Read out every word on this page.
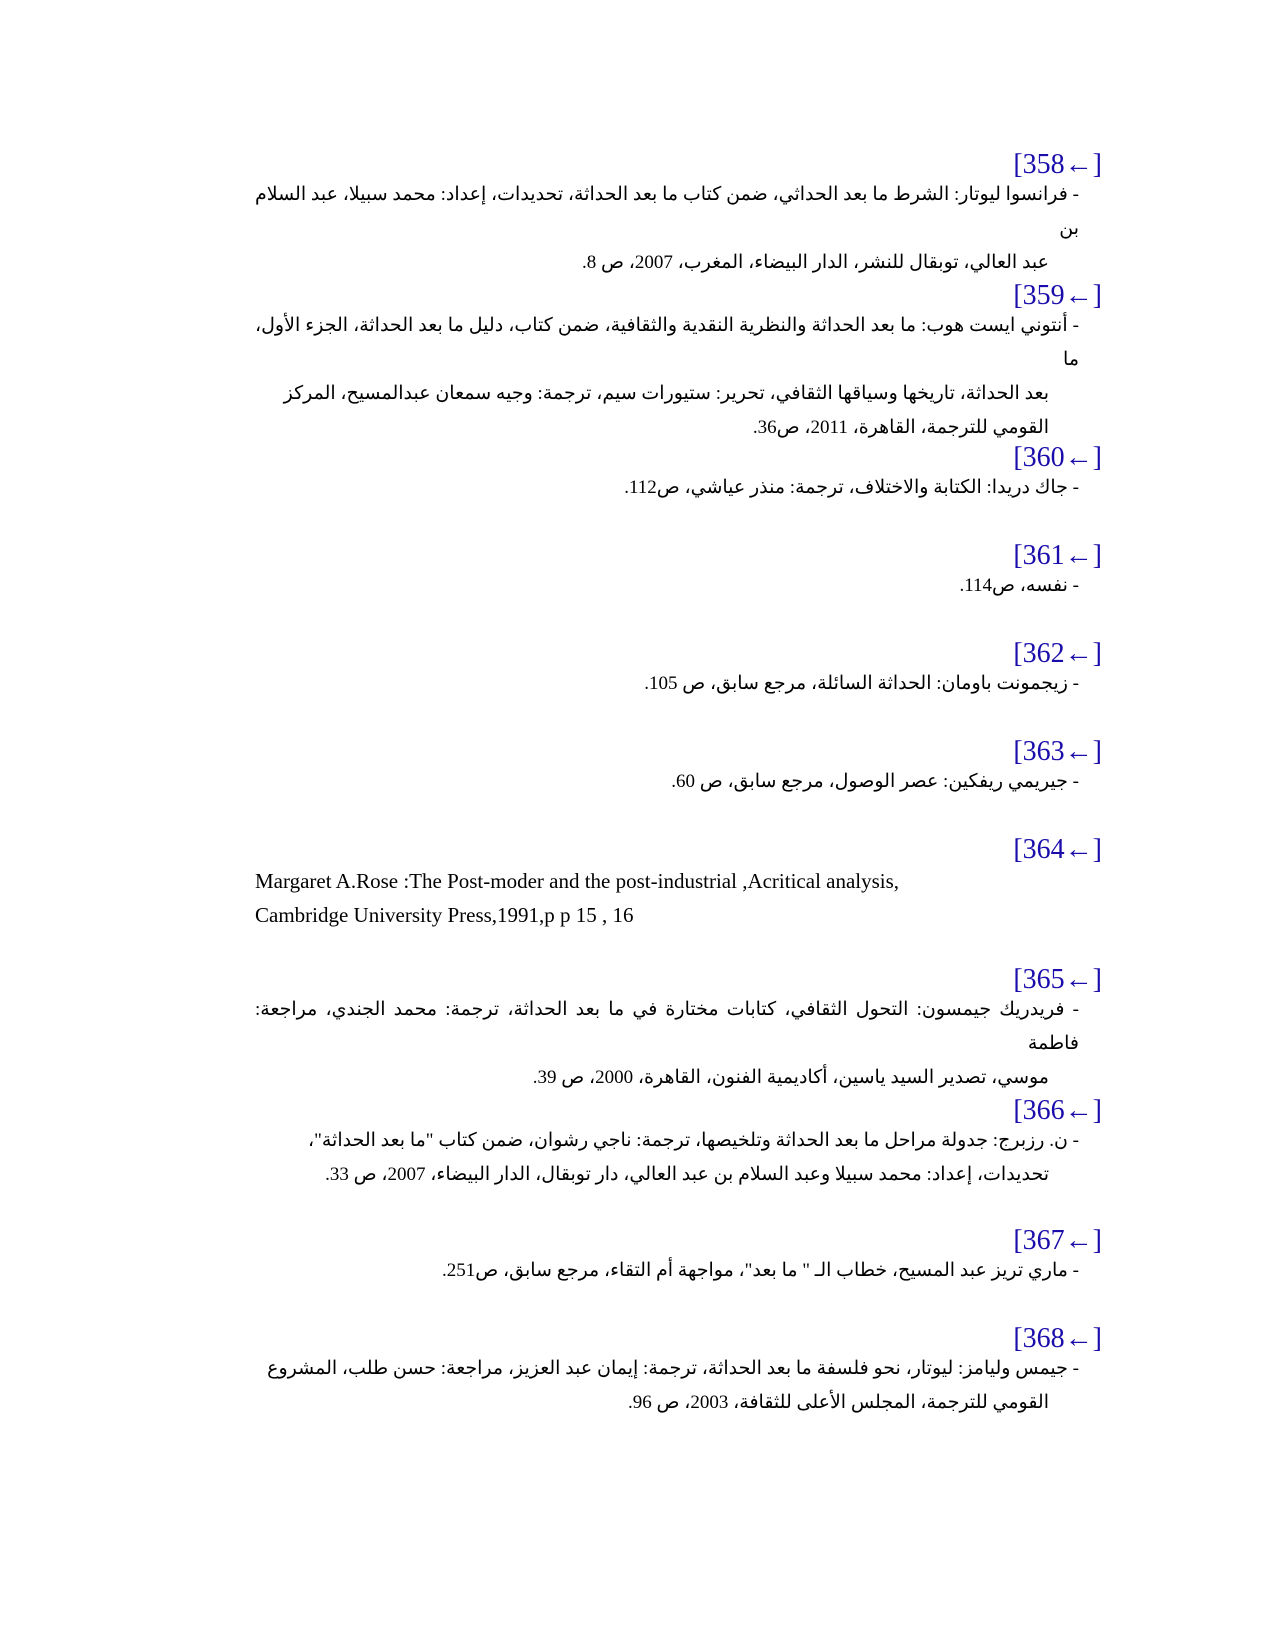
[358←]
- فرانسوا ليوتار: الشرط ما بعد الحداثي، ضمن كتاب ما بعد الحداثة، تحديدات، إعداد: محمد سبيلا، عبد السلام بن
عبد العالي، توبقال للنشر، الدار البيضاء، المغرب، 2007، ص 8.
[359←]
- أنتوني ايست هوب: ما بعد الحداثة والنظرية النقدية والثقافية، ضمن كتاب، دليل ما بعد الحداثة، الجزء الأول، ما
بعد الحداثة، تاريخها وسياقها الثقافي، تحرير: ستيورات سيم، ترجمة: وجيه سمعان عبدالمسيح، المركز
القومي للترجمة، القاهرة، 2011، ص36.
[360←]
- جاك دريدا: الكتابة والاختلاف، ترجمة: منذر عياشي، ص112.
[361←]
- نفسه، ص114.
[362←]
- زيجمونت باومان: الحداثة السائلة، مرجع سابق، ص 105.
[363←]
- جيريمي ريفكين: عصر الوصول، مرجع سابق، ص 60.
[364←]
Margaret A.Rose :The Post-moder and the post-industrial ,Acritical analysis,
Cambridge University Press,1991,p p 15 , 16
[365←]
- فريدريك جيمسون: التحول الثقافي، كتابات مختارة في ما بعد الحداثة، ترجمة: محمد الجندي، مراجعة: فاطمة
موسي، تصدير السيد ياسين، أكاديمية الفنون، القاهرة، 2000، ص 39.
[366←]
- ن. رزبرج: جدولة مراحل ما بعد الحداثة وتلخيصها، ترجمة: ناجي رشوان، ضمن كتاب "ما بعد الحداثة"،
تحديدات، إعداد: محمد سبيلا وعبد السلام بن عبد العالي، دار توبقال، الدار البيضاء، 2007، ص 33.
[367←]
- ماري تريز عبد المسيح، خطاب الـ " ما بعد"، مواجهة أم التقاء، مرجع سابق، ص251.
[368←]
- جيمس وليامز: ليوتار، نحو فلسفة ما بعد الحداثة، ترجمة: إيمان عبد العزيز، مراجعة: حسن طلب، المشروع
القومي للترجمة، المجلس الأعلى للثقافة، 2003، ص 96.
